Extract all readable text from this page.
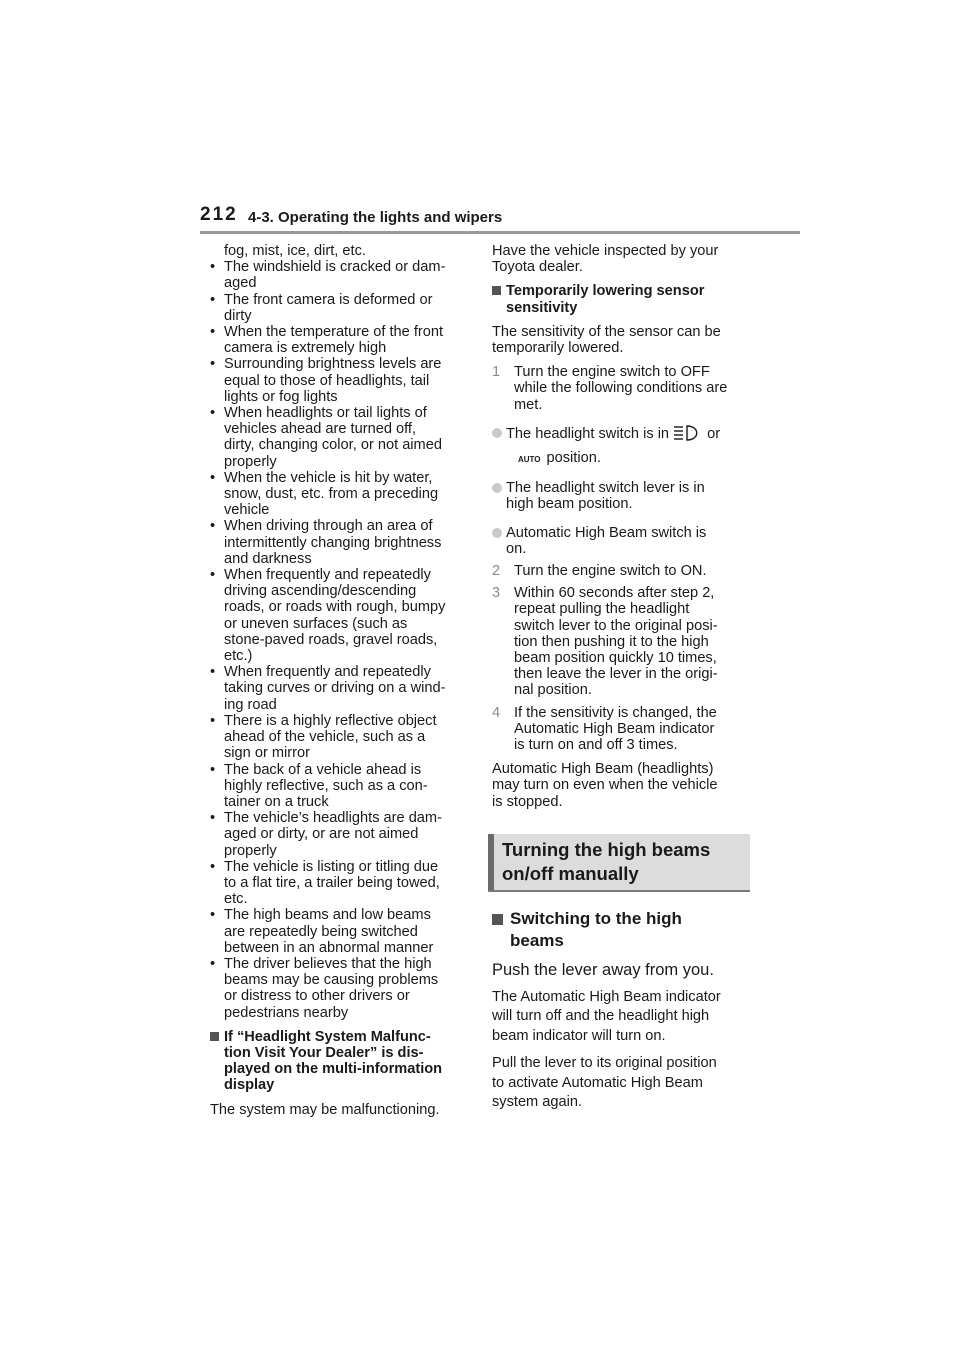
212 4-3. Operating the lights and wipers
fog, mist, ice, dirt, etc.
• The windshield is cracked or dam-
aged
• The front camera is deformed or
dirty
• When the temperature of the front
camera is extremely high
• Surrounding brightness levels are
equal to those of headlights, tail
lights or fog lights
• When headlights or tail lights of
vehicles ahead are turned off,
dirty, changing color, or not aimed
properly
• When the vehicle is hit by water,
snow, dust, etc. from a preceding
vehicle
• When driving through an area of
intermittently changing brightness
and darkness
• When frequently and repeatedly
driving ascending/descending
roads, or roads with rough, bumpy
or uneven surfaces (such as
stone-paved roads, gravel roads,
etc.)
• When frequently and repeatedly
taking curves or driving on a wind-
ing road
• There is a highly reflective object
ahead of the vehicle, such as a
sign or mirror
• The back of a vehicle ahead is
highly reflective, such as a con-
tainer on a truck
• The vehicle’s headlights are dam-
aged or dirty, or are not aimed
properly
• The vehicle is listing or titling due
to a flat tire, a trailer being towed,
etc.
• The high beams and low beams
are repeatedly being switched
between in an abnormal manner
• The driver believes that the high
beams may be causing problems
or distress to other drivers or
pedestrians nearby
If “Headlight System Malfunc-
tion Visit Your Dealer” is dis-
played on the multi-information
display
The system may be malfunctioning.
Have the vehicle inspected by your
Toyota dealer.
Temporarily lowering sensor
sensitivity
The sensitivity of the sensor can be
temporarily lowered.
1 Turn the engine switch to OFF
while the following conditions are
met.
The headlight switch is in	or
AUTO position.
The headlight switch lever is in
high beam position.
Automatic High Beam switch is
on.
2 Turn the engine switch to ON.
3 Within 60 seconds after step 2,
repeat pulling the headlight
switch lever to the original posi-
tion then pushing it to the high
beam position quickly 10 times,
then leave the lever in the origi-
nal position.
4 If the sensitivity is changed, the
Automatic High Beam indicator
is turn on and off 3 times.
Automatic High Beam (headlights)
may turn on even when the vehicle
is stopped.
Turning the high beams
on/off manually
Switching to the high
beams
Push the lever away from you.
The Automatic High Beam indicator
will turn off and the headlight high
beam indicator will turn on.
Pull the lever to its original position
to activate Automatic High Beam
system again.
